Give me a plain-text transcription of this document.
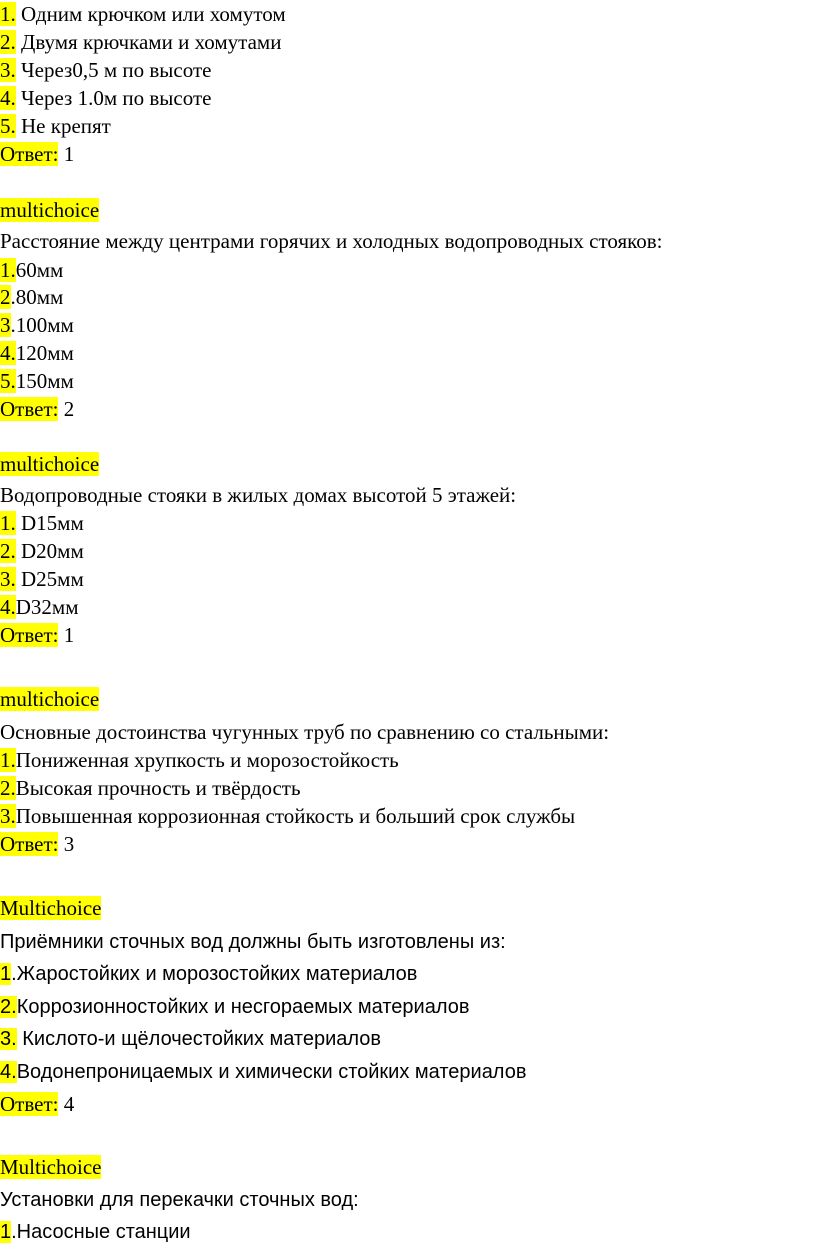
1. Одним крючком или хомутом
2. Двумя крючками и хомутами
3. Через0,5 м по высоте
4. Через 1.0м по высоте
5. Не крепят
Ответ: 1
multichoice
Расстояние между центрами горячих и холодных водопроводных стояков:
1.60мм
2.80мм
3.100мм
4.120мм
5.150мм
Ответ: 2
multichoice
Водопроводные стояки в жилых домах высотой 5 этажей:
1. D15мм
2. D20мм
3. D25мм
4.D32мм
Ответ: 1
multichoice
Основные достоинства чугунных труб по сравнению со стальными:
1.Пониженная хрупкость и морозостойкость
2.Высокая прочность и твёрдость
3.Повышенная коррозионная стойкость и больший срок службы
Ответ: 3
Multichoice
Приёмники сточных вод должны быть изготовлены из:
1.Жаростойких и морозостойких материалов
2.Коррозионностойких и несгораемых материалов
3. Кислото-и щёлочестойких материалов
4.Водонепроницаемых и химически стойких материалов
Ответ: 4
Multichoice
Установки для перекачки сточных вод:
1.Насосные станции
